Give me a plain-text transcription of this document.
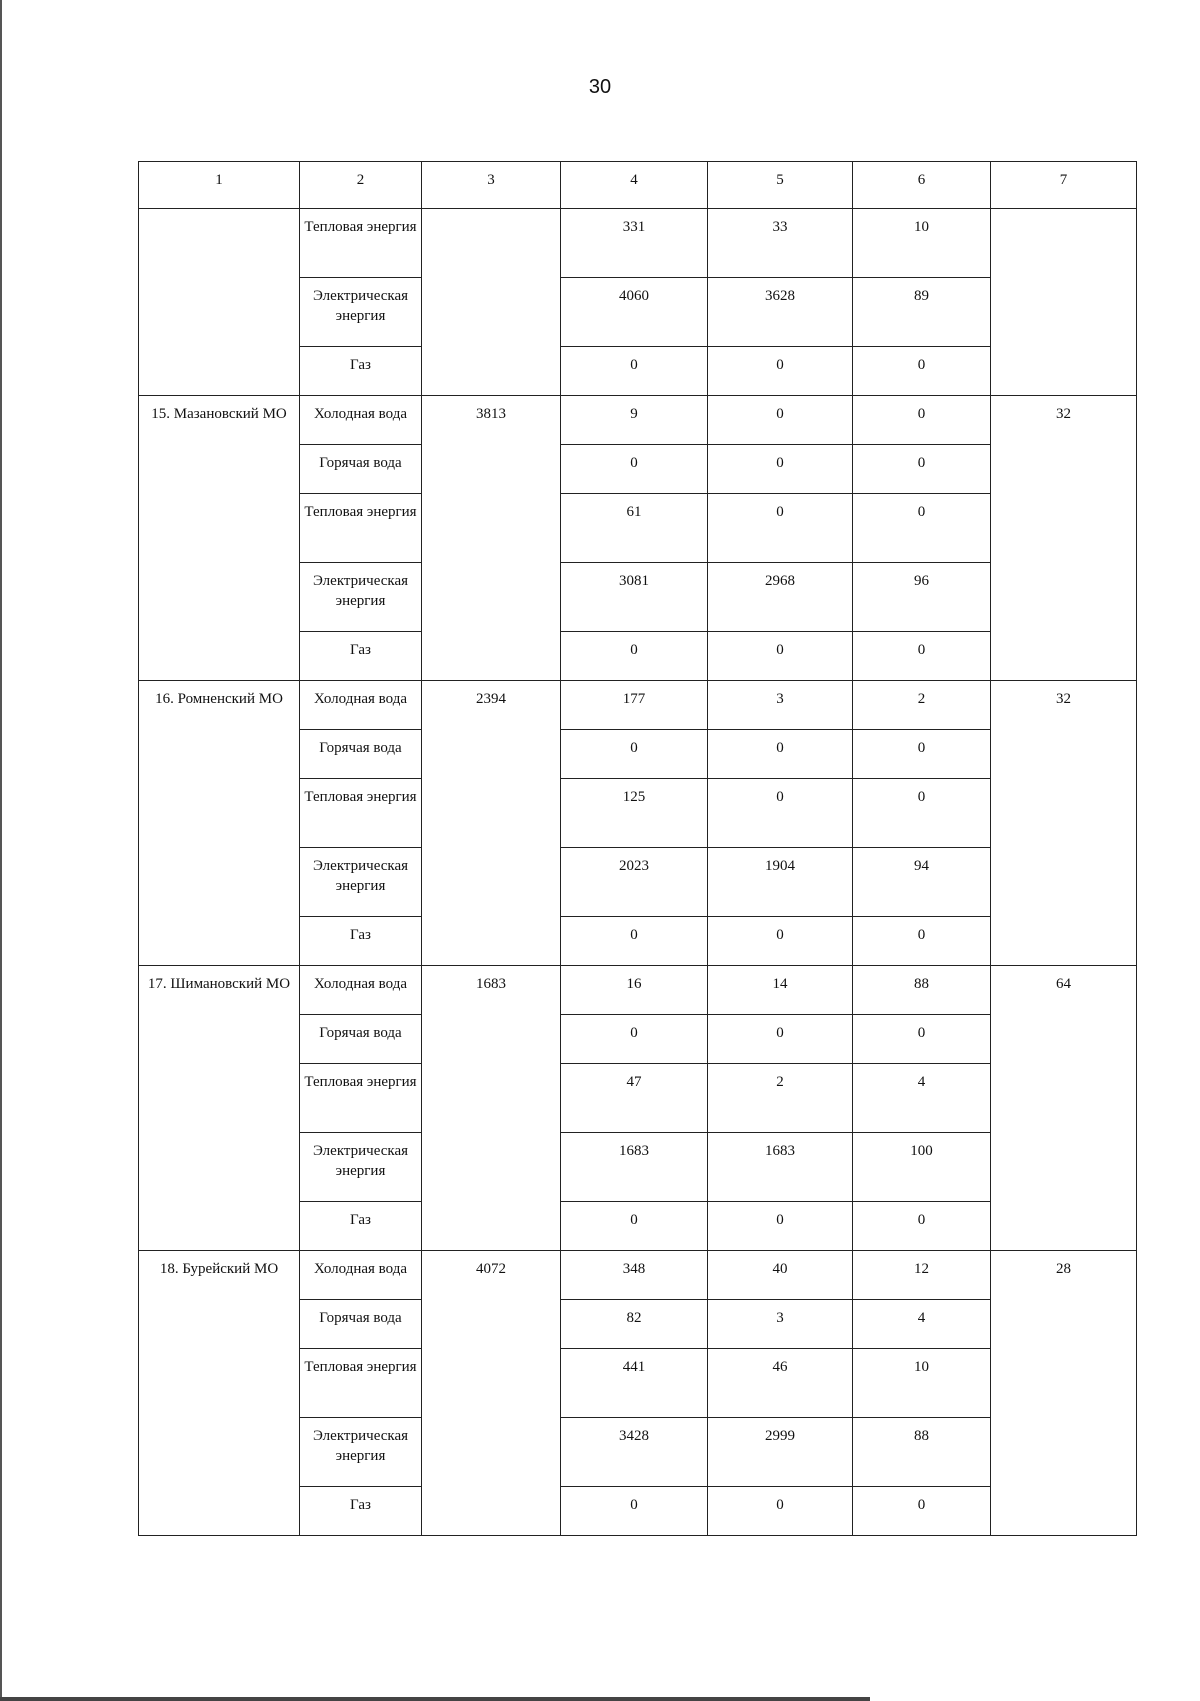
30
1	2	3	4	5	6	7
	Тепловая энергия		331	33	10	
	Электрическая энергия		4060	3628	89	
	Газ		0	0	0	
15. Мазановский МО	Холодная вода	3813	9	0	0	32
	Горячая вода		0	0	0	
	Тепловая энергия		61	0	0	
	Электрическая энергия		3081	2968	96	
	Газ		0	0	0	
16. Ромненский МО	Холодная вода	2394	177	3	2	32
	Горячая вода		0	0	0	
	Тепловая энергия		125	0	0	
	Электрическая энергия		2023	1904	94	
	Газ		0	0	0	
17. Шимановский МО	Холодная вода	1683	16	14	88	64
	Горячая вода		0	0	0	
	Тепловая энергия		47	2	4	
	Электрическая энергия		1683	1683	100	
	Газ		0	0	0	
18. Бурейский МО	Холодная вода	4072	348	40	12	28
	Горячая вода		82	3	4	
	Тепловая энергия		441	46	10	
	Электрическая энергия		3428	2999	88	
	Газ		0	0	0	
